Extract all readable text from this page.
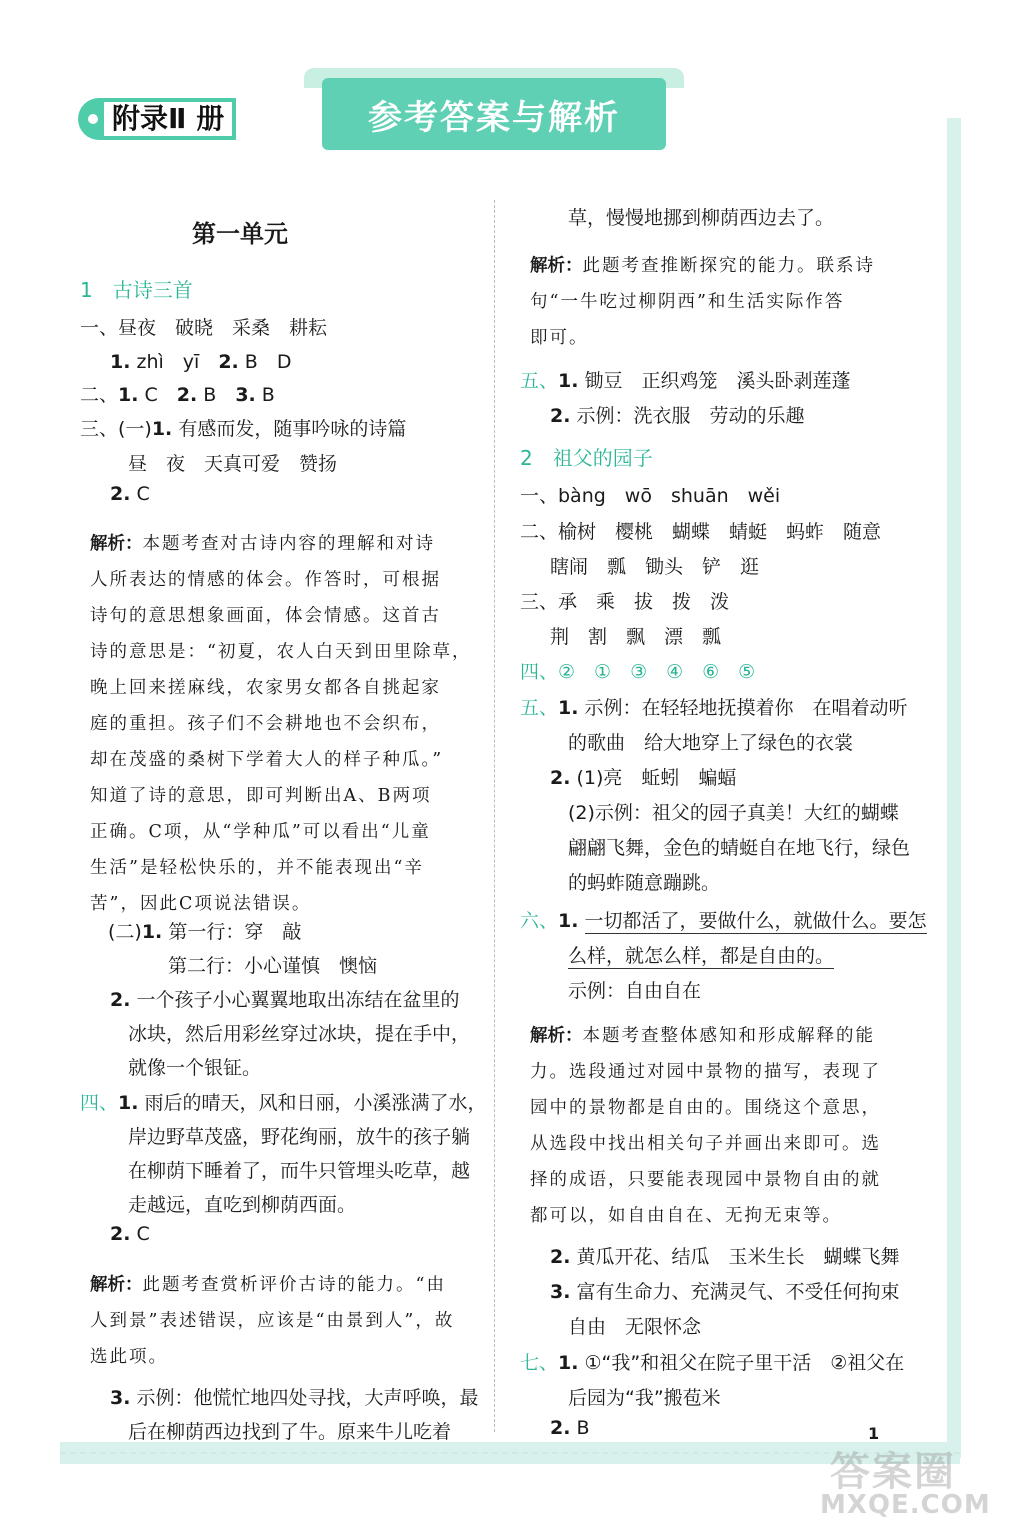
附录Ⅱ 册	参考答案与解析
第一单元
1 古诗三首
一、昼夜　破晓　采桑　耕耘
1. zhì　yī　2. B　D
二、1. C　2. B　3. B
三、(一)1. 有感而发，随事吟咏的诗篇
昼　夜　天真可爱　赞扬
2. C
解析：本题考查对古诗内容的理解和对诗
人所表达的情感的体会。作答时，可根据
诗句的意思想象画面，体会情感。这首古
诗的意思是：“初夏，农人白天到田里除草，
晚上回来搓麻线，农家男女都各自挑起家
庭的重担。孩子们不会耕地也不会织布，
却在茂盛的桑树下学着大人的样子种瓜。”
知道了诗的意思，即可判断出A、B两项
正确。C项，从“学种瓜”可以看出“儿童
生活”是轻松快乐的，并不能表现出“辛
苦”，因此C项说法错误。
(二)1. 第一行：穿　敲
第二行：小心谨慎　懊恼
2. 一个孩子小心翼翼地取出冻结在盆里的
冰块，然后用彩丝穿过冰块，提在手中，
就像一个银钲。
四、1. 雨后的晴天，风和日丽，小溪涨满了水，
岸边野草茂盛，野花绚丽，放牛的孩子躺
在柳荫下睡着了，而牛只管埋头吃草，越
走越远，直吃到柳荫西面。
2. C
解析：此题考查赏析评价古诗的能力。“由
人到景”表述错误，应该是“由景到人”，故
选此项。
3. 示例：他慌忙地四处寻找，大声呼唤，最
后在柳荫西边找到了牛。原来牛儿吃着
草，慢慢地挪到柳荫西边去了。
解析：此题考查推断探究的能力。联系诗
句“一牛吃过柳阴西”和生活实际作答
即可。
五、1. 锄豆　正织鸡笼　溪头卧剥莲蓬
2. 示例：洗衣服　劳动的乐趣
2 祖父的园子
一、bàng　wō　shuān　wěi
二、榆树　樱桃　蝴蝶　蜻蜓　蚂蚱　随意
瞎闹　瓢　锄头　铲　逛
三、承　乘　拔　拨　泼
荆　割　飘　漂　瓢
四、②　①　③　④　⑥　⑤
五、1. 示例：在轻轻地抚摸着你　在唱着动听
的歌曲　给大地穿上了绿色的衣裳
2. (1)亮　蚯蚓　蝙蝠
(2)示例：祖父的园子真美！大红的蝴蝶
翩翩飞舞，金色的蜻蜓自在地飞行，绿色
的蚂蚱随意蹦跳。
六、1. 一切都活了，要做什么，就做什么。要怎
么样，就怎么样，都是自由的。
示例：自由自在
解析：本题考查整体感知和形成解释的能
力。选段通过对园中景物的描写，表现了
园中的景物都是自由的。围绕这个意思，
从选段中找出相关句子并画出来即可。选
择的成语，只要能表现园中景物自由的就
都可以，如自由自在、无拘无束等。
2. 黄瓜开花、结瓜　玉米生长　蝴蝶飞舞
3. 富有生命力、充满灵气、不受任何拘束
自由　无限怀念
七、1. ①“我”和祖父在院子里干活　②祖父在
后园为“我”搬苞米
2. B	1
答案圈
MXQE.COM
